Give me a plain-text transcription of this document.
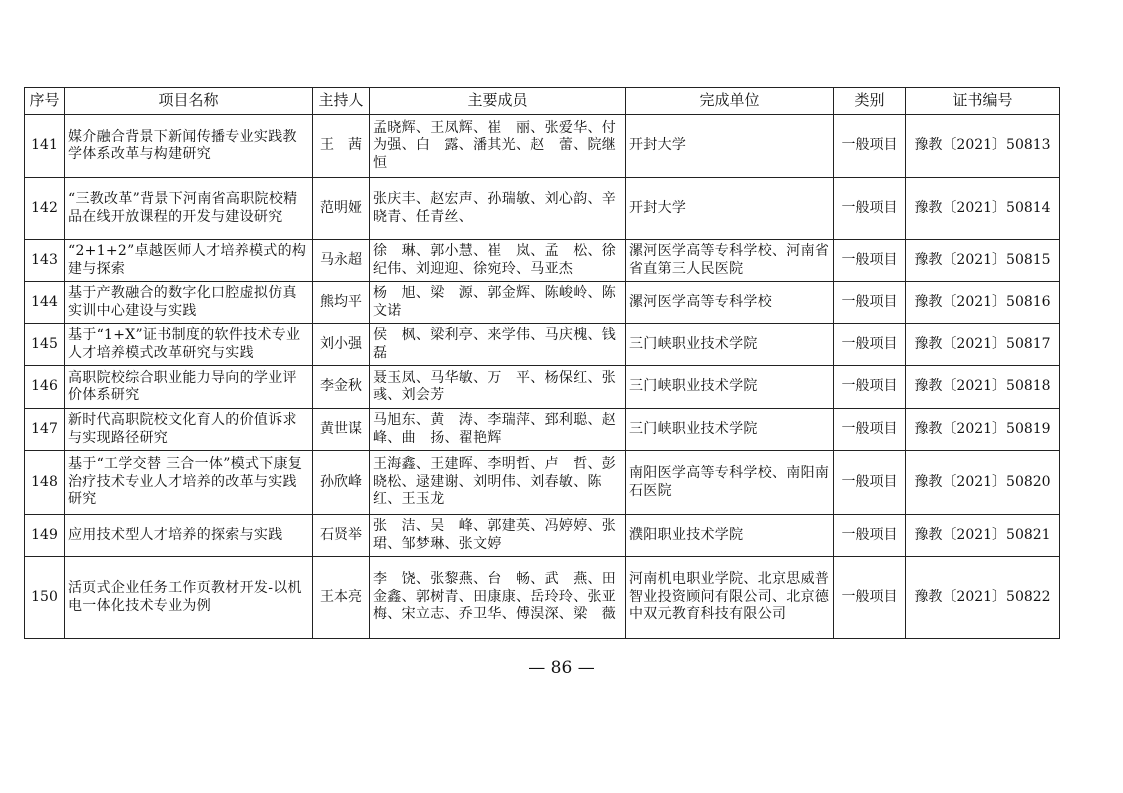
序号	项目名称	主持人	主要成员	完成单位	类别	证书编号
141	媒介融合背景下新闻传播专业实践教学体系改革与构建研究	王　茜	孟晓辉、王凤辉、崔　丽、张爱华、付为强、白　露、潘其光、赵　蕾、院继恒	开封大学	一般项目	豫教〔2021〕50813
142	“三教改革”背景下河南省高职院校精品在线开放课程的开发与建设研究	范明娅	张庆丰、赵宏声、孙瑞敏、刘心韵、辛晓青、任青丝、	开封大学	一般项目	豫教〔2021〕50814
143	“2+1+2”卓越医师人才培养模式的构建与探索	马永超	徐　琳、郭小慧、崔　岚、孟　松、徐纪伟、刘迎迎、徐宛玲、马亚杰	漯河医学高等专科学校、河南省省直第三人民医院	一般项目	豫教〔2021〕50815
144	基于产教融合的数字化口腔虚拟仿真实训中心建设与实践	熊均平	杨　旭、梁　源、郭金辉、陈峻岭、陈文诺	漯河医学高等专科学校	一般项目	豫教〔2021〕50816
145	基于“1+X”证书制度的软件技术专业人才培养模式改革研究与实践	刘小强	侯　枫、梁利亭、来学伟、马庆槐、钱　磊	三门峡职业技术学院	一般项目	豫教〔2021〕50817
146	高职院校综合职业能力导向的学业评价体系研究	李金秋	聂玉凤、马华敏、万　平、杨保红、张　彧、刘会芳	三门峡职业技术学院	一般项目	豫教〔2021〕50818
147	新时代高职院校文化育人的价值诉求与实现路径研究	黄世谋	马旭东、黄　涛、李瑞萍、郅利聪、赵　峰、曲　扬、翟艳辉	三门峡职业技术学院	一般项目	豫教〔2021〕50819
148	基于“工学交替 三合一体”模式下康复治疗技术专业人才培养的改革与实践研究	孙欣峰	王海鑫、王建晖、李明哲、卢　哲、彭晓松、逯建谢、刘明伟、刘春敏、陈　红、王玉龙	南阳医学高等专科学校、南阳南石医院	一般项目	豫教〔2021〕50820
149	应用技术型人才培养的探索与实践	石贤举	张　洁、吴　峰、郭建英、冯婷婷、张　珺、邹梦琳、张文婷	濮阳职业技术学院	一般项目	豫教〔2021〕50821
150	活页式企业任务工作页教材开发-以机电一体化技术专业为例	王本亮	李　饶、张黎燕、台　畅、武　燕、田金鑫、郭树青、田康康、岳玲玲、张亚梅、宋立志、乔卫华、傅淏深、梁　薇	河南机电职业学院、北京思威普智业投资顾问有限公司、北京德中双元教育科技有限公司	一般项目	豫教〔2021〕50822
— 86 —
